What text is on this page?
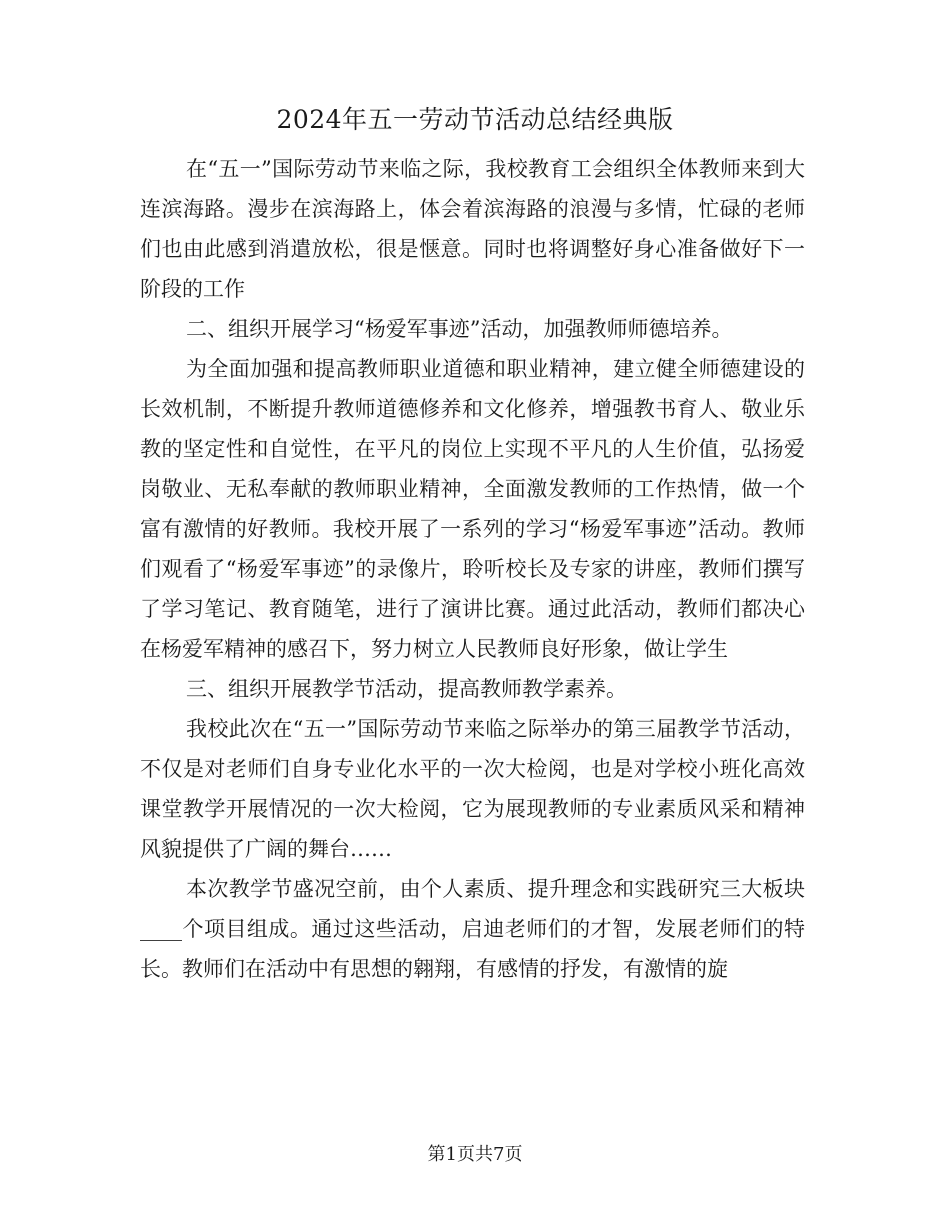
2024年五一劳动节活动总结经典版

在“五一”国际劳动节来临之际，我校教育工会组织全体教师来到大连滨海路。漫步在滨海路上，体会着滨海路的浪漫与多情，忙碌的老师们也由此感到消遣放松，很是惬意。同时也将调整好身心准备做好下一阶段的工作

二、组织开展学习“杨爱军事迹”活动，加强教师师德培养。

为全面加强和提高教师职业道德和职业精神，建立健全师德建设的长效机制，不断提升教师道德修养和文化修养，增强教书育人、敬业乐教的坚定性和自觉性，在平凡的岗位上实现不平凡的人生价值，弘扬爱岗敬业、无私奉献的教师职业精神，全面激发教师的工作热情，做一个富有激情的好教师。我校开展了一系列的学习“杨爱军事迹”活动。教师们观看了“杨爱军事迹”的录像片，聆听校长及专家的讲座，教师们撰写了学习笔记、教育随笔，进行了演讲比赛。通过此活动，教师们都决心在杨爱军精神的感召下，努力树立人民教师良好形象，做让学生

三、组织开展教学节活动，提高教师教学素养。

我校此次在“五一”国际劳动节来临之际举办的第三届教学节活动，不仅是对老师们自身专业化水平的一次大检阅，也是对学校小班化高效课堂教学开展情况的一次大检阅，它为展现教师的专业素质风采和精神风貌提供了广阔的舞台……

本次教学节盛况空前，由个人素质、提升理念和实践研究三大板块____个项目组成。通过这些活动，启迪老师们的才智，发展老师们的特长。教师们在活动中有思想的翱翔，有感情的抒发，有激情的旋

第1页共7页
